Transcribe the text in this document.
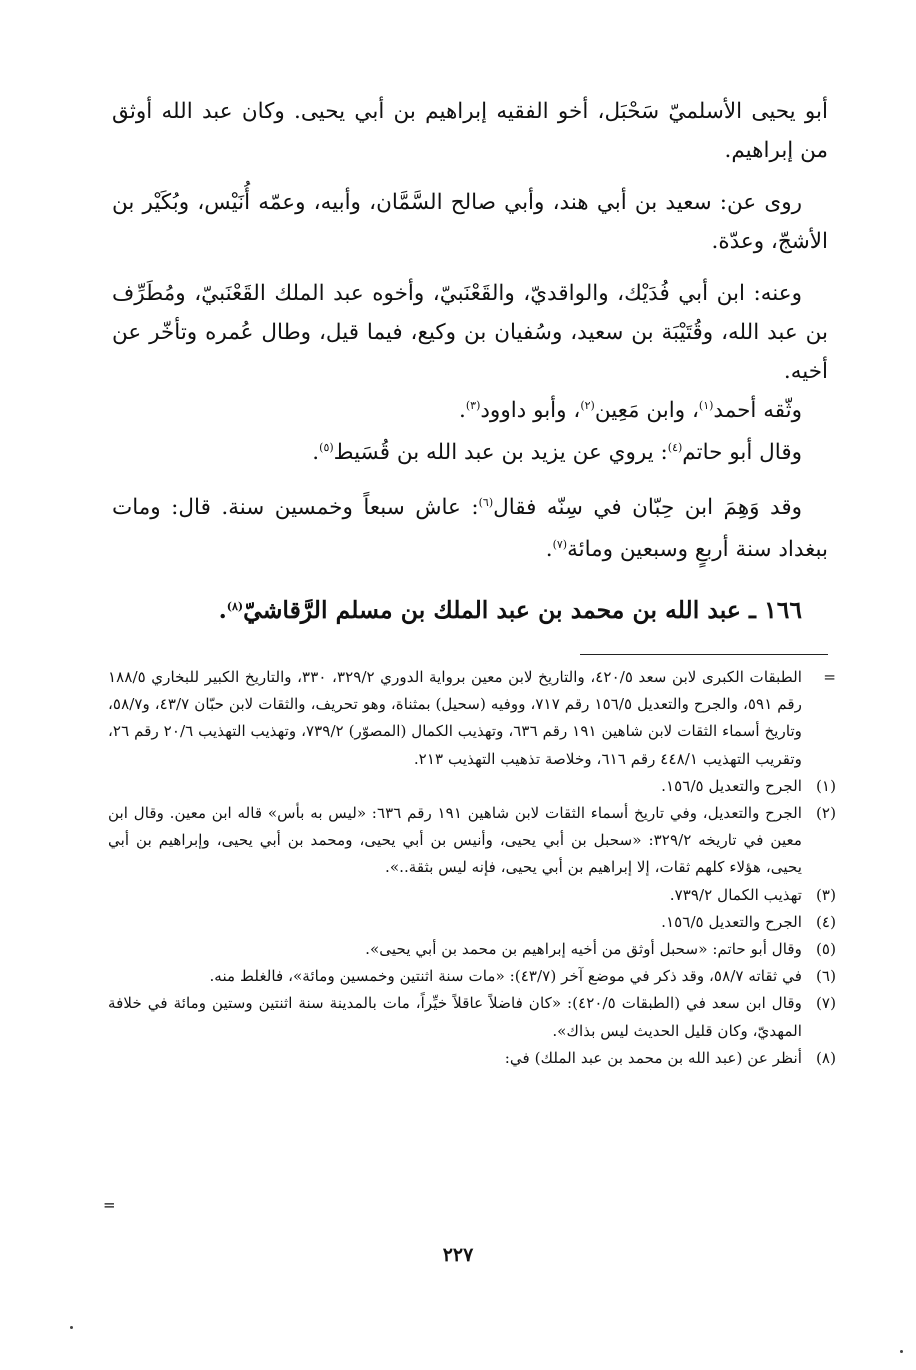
أبو يحيى الأسلميّ سَحْبَل، أخو الفقيه إبراهيم بن أبي يحيى. وكان عبد الله أوثق من إبراهيم.

روى عن: سعيد بن أبي هند، وأبي صالح السَّمَّان، وأبيه، وعمّه أُنَيْس، وبُكَيْر بن الأشجّ، وعدّة.

وعنه: ابن أبي فُدَيْك، والواقديّ، والقَعْنَبيّ، وأخوه عبد الملك القَعْنَبيّ، ومُطَرِّف بن عبد الله، وقُتَيْبَة بن سعيد، وسُفيان بن وكيع، فيما قيل، وطال عُمره وتأخّر عن أخيه.

وثّقه أحمد$^{(١)}$، وابن مَعِين$^{(٢)}$، وأبو داوود$^{(٣)}$.

وقال أبو حاتم$^{(٤)}$: يروي عن يزيد بن عبد الله بن قُسَيط$^{(٥)}$.

وقد وَهِمَ ابن حِبّان في سِنّه فقال$^{(٦)}$: عاش سبعاً وخمسين سنة. قال: ومات ببغداد سنة أربعٍ وسبعين ومائة$^{(٧)}$.

١٦٦ ـ عبد الله بن محمد بن عبد الملك بن مسلم الرَّقاشيّ$^{(٨)}$.

=
الطبقات الكبرى لابن سعد ٤٢٠/٥، والتاريخ لابن معين برواية الدوري ٣٢٩/٢، ٣٣٠، والتاريخ الكبير للبخاري ١٨٨/٥ رقم ٥٩١، والجرح والتعديل ١٥٦/٥ رقم ٧١٧، ووفيه (سحيل) بمثناة، وهو تحريف، والثقات لابن حبّان ٤٣/٧، و٥٨/٧، وتاريخ أسماء الثقات لابن شاهين ١٩١ رقم ٦٣٦، وتهذيب الكمال (المصوّر) ٧٣٩/٢، وتهذيب التهذيب ٢٠/٦ رقم ٢٦، وتقريب التهذيب ٤٤٨/١ رقم ٦١٦، وخلاصة تذهيب التهذيب ٢١٣.
(١)
الجرح والتعديل ١٥٦/٥.
(٢)
الجرح والتعديل، وفي تاريخ أسماء الثقات لابن شاهين ١٩١ رقم ٦٣٦: «ليس به بأس» قاله ابن معين. وقال ابن معين في تاريخه ٣٢٩/٢: «سحبل بن أبي يحيى، وأنيس بن أبي يحيى، ومحمد بن أبي يحيى، وإبراهيم بن أبي يحيى، هؤلاء كلهم ثقات، إلا إبراهيم بن أبي يحيى، فإنه ليس بثقة..».
(٣)
تهذيب الكمال ٧٣٩/٢.
(٤)
الجرح والتعديل ١٥٦/٥.
(٥)
وقال أبو حاتم: «سحبل أوثق من أخيه إبراهيم بن محمد بن أبي يحيى».
(٦)
في ثقاته ٥٨/٧، وقد ذكر في موضع آخر (٤٣/٧): «مات سنة اثنتين وخمسين ومائة»، فالغلط منه.
(٧)
وقال ابن سعد في (الطبقات ٤٢٠/٥): «كان فاضلاً عاقلاً خيِّراً، مات بالمدينة سنة اثنتين وستين ومائة في خلافة المهديّ، وكان قليل الحديث ليس بذاك».
(٨)
أنظر عن (عبد الله بن محمد بن عبد الملك) في:
=
٢٢٧
